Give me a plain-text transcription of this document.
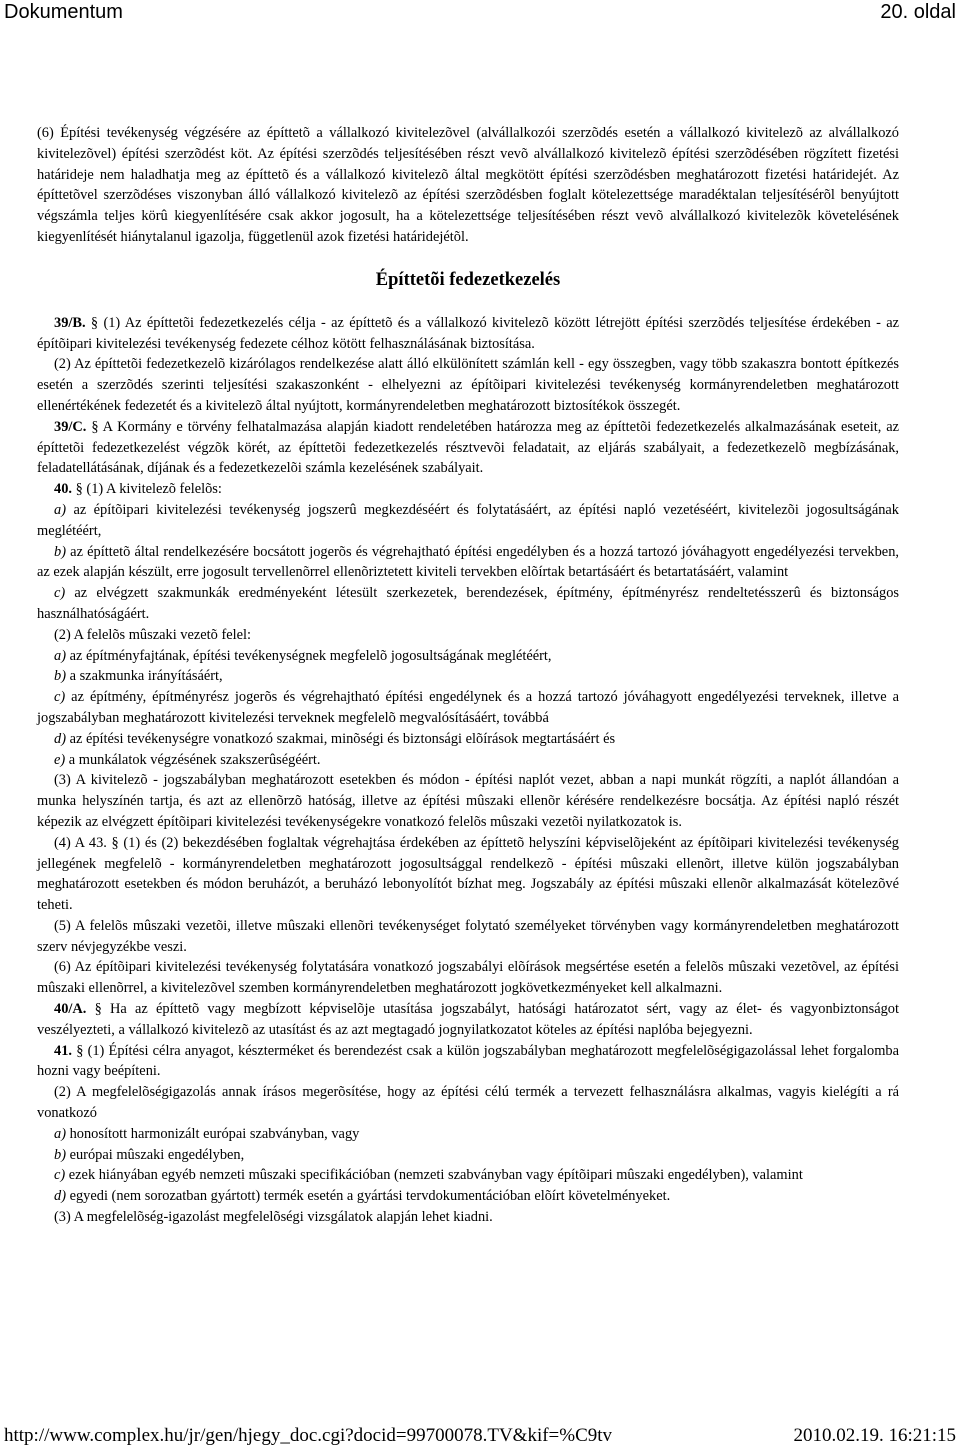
Dokumentum	20. oldal

(6) Építési tevékenység végzésére az építtetõ a vállalkozó kivitelezõvel (alvállalkozói szerzõdés esetén a vállalkozó kivitelezõ az alvállalkozó kivitelezõvel) építési szerzõdést köt. Az építési szerzõdés teljesítésében részt vevõ alvállalkozó kivitelezõ építési szerzõdésében rögzített fizetési határideje nem haladhatja meg az építtetõ és a vállalkozó kivitelezõ által megkötött építési szerzõdésben meghatározott fizetési határidejét. Az építtetõvel szerzõdéses viszonyban álló vállalkozó kivitelezõ az építési szerzõdésben foglalt kötelezettsége maradéktalan teljesítésérõl benyújtott végszámla teljes körû kiegyenlítésére csak akkor jogosult, ha a kötelezettsége teljesítésében részt vevõ alvállalkozó kivitelezõk követelésének kiegyenlítését hiánytalanul igazolja, függetlenül azok fizetési határidejétõl.

Építtetõi fedezetkezelés

39/B. § (1) Az építtetõi fedezetkezelés célja - az építtetõ és a vállalkozó kivitelezõ között létrejött építési szerzõdés teljesítése érdekében - az építõipari kivitelezési tevékenység fedezete célhoz kötött felhasználásának biztosítása.

(2) Az építtetõi fedezetkezelõ kizárólagos rendelkezése alatt álló elkülönített számlán kell - egy összegben, vagy több szakaszra bontott építkezés esetén a szerzõdés szerinti teljesítési szakaszonként - elhelyezni az építõipari kivitelezési tevékenység kormányrendeletben meghatározott ellenértékének fedezetét és a kivitelezõ által nyújtott, kormányrendeletben meghatározott biztosítékok összegét.

39/C. § A Kormány e törvény felhatalmazása alapján kiadott rendeletében határozza meg az építtetõi fedezetkezelés alkalmazásának eseteit, az építtetõi fedezetkezelést végzõk körét, az építtetõi fedezetkezelés résztvevõi feladatait, az eljárás szabályait, a fedezetkezelõ megbízásának, feladatellátásának, díjának és a fedezetkezelõi számla kezelésének szabályait.

40. § (1) A kivitelezõ felelõs:

a) az építõipari kivitelezési tevékenység jogszerû megkezdéséért és folytatásáért, az építési napló vezetéséért, kivitelezõi jogosultságának meglétéért,

b) az építtetõ által rendelkezésére bocsátott jogerõs és végrehajtható építési engedélyben és a hozzá tartozó jóváhagyott engedélyezési tervekben, az ezek alapján készült, erre jogosult tervellenõrrel ellenõriztetett kiviteli tervekben elõírtak betartásáért és betartatásáért, valamint

c) az elvégzett szakmunkák eredményeként létesült szerkezetek, berendezések, építmény, építményrész rendeltetésszerû és biztonságos használhatóságáért.

(2) A felelõs mûszaki vezetõ felel:

a) az építményfajtának, építési tevékenységnek megfelelõ jogosultságának meglétéért,

b) a szakmunka irányításáért,

c) az építmény, építményrész jogerõs és végrehajtható építési engedélynek és a hozzá tartozó jóváhagyott engedélyezési terveknek, illetve a jogszabályban meghatározott kivitelezési terveknek megfelelõ megvalósításáért, továbbá

d) az építési tevékenységre vonatkozó szakmai, minõségi és biztonsági elõírások megtartásáért és

e) a munkálatok végzésének szakszerûségéért.

(3) A kivitelezõ - jogszabályban meghatározott esetekben és módon - építési naplót vezet, abban a napi munkát rögzíti, a naplót állandóan a munka helyszínén tartja, és azt az ellenõrzõ hatóság, illetve az építési mûszaki ellenõr kérésére rendelkezésre bocsátja. Az építési napló részét képezik az elvégzett építõipari kivitelezési tevékenységekre vonatkozó felelõs mûszaki vezetõi nyilatkozatok is.

(4) A 43. § (1) és (2) bekezdésében foglaltak végrehajtása érdekében az építtetõ helyszíni képviselõjeként az építõipari kivitelezési tevékenység jellegének megfelelõ - kormányrendeletben meghatározott jogosultsággal rendelkezõ - építési mûszaki ellenõrt, illetve külön jogszabályban meghatározott esetekben és módon beruházót, a beruházó lebonyolítót bízhat meg. Jogszabály az építési mûszaki ellenõr alkalmazását kötelezõvé teheti.

(5) A felelõs mûszaki vezetõi, illetve mûszaki ellenõri tevékenységet folytató személyeket törvényben vagy kormányrendeletben meghatározott szerv névjegyzékbe veszi.

(6) Az építõipari kivitelezési tevékenység folytatására vonatkozó jogszabályi elõírások megsértése esetén a felelõs mûszaki vezetõvel, az építési mûszaki ellenõrrel, a kivitelezõvel szemben kormányrendeletben meghatározott jogkövetkezményeket kell alkalmazni.

40/A. § Ha az építtetõ vagy megbízott képviselõje utasítása jogszabályt, hatósági határozatot sért, vagy az élet- és vagyonbiztonságot veszélyezteti, a vállalkozó kivitelezõ az utasítást és az azt megtagadó jognyilatkozatot köteles az építési naplóba bejegyezni.

41. § (1) Építési célra anyagot, készterméket és berendezést csak a külön jogszabályban meghatározott megfelelõségigazolással lehet forgalomba hozni vagy beépíteni.

(2) A megfelelõségigazolás annak írásos megerõsítése, hogy az építési célú termék a tervezett felhasználásra alkalmas, vagyis kielégíti a rá vonatkozó

a) honosított harmonizált európai szabványban, vagy

b) európai mûszaki engedélyben,

c) ezek hiányában egyéb nemzeti mûszaki specifikációban (nemzeti szabványban vagy építõipari mûszaki engedélyben), valamint

d) egyedi (nem sorozatban gyártott) termék esetén a gyártási tervdokumentációban elõírt követelményeket.

(3) A megfelelõség-igazolást megfelelõségi vizsgálatok alapján lehet kiadni.

http://www.complex.hu/jr/gen/hjegy_doc.cgi?docid=99700078.TV&kif=%C9tv	2010.02.19. 16:21:15
